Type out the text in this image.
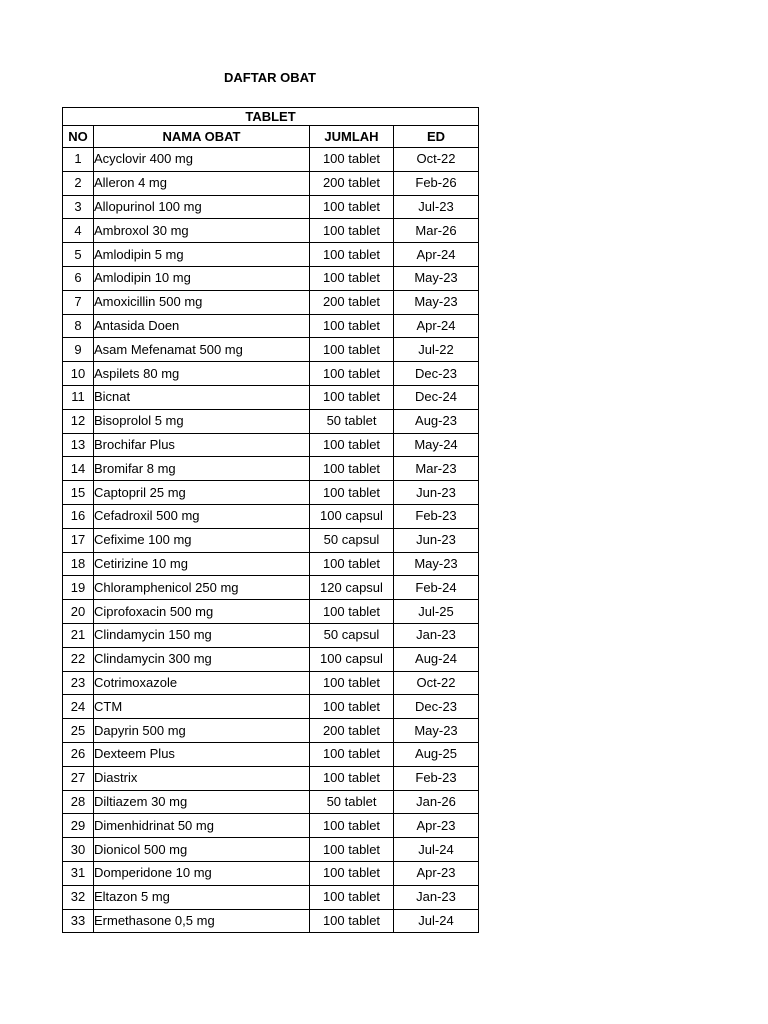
DAFTAR OBAT
TABLET			
NO	NAMA OBAT	JUMLAH	ED
1	Acyclovir 400 mg	100 tablet	Oct-22
2	Alleron 4 mg	200 tablet	Feb-26
3	Allopurinol 100 mg	100 tablet	Jul-23
4	Ambroxol 30 mg	100 tablet	Mar-26
5	Amlodipin 5 mg	100 tablet	Apr-24
6	Amlodipin 10 mg	100 tablet	May-23
7	Amoxicillin 500 mg	200 tablet	May-23
8	Antasida Doen	100 tablet	Apr-24
9	Asam Mefenamat 500 mg	100 tablet	Jul-22
10	Aspilets 80 mg	100 tablet	Dec-23
11	Bicnat	100 tablet	Dec-24
12	Bisoprolol 5 mg	50 tablet	Aug-23
13	Brochifar Plus	100 tablet	May-24
14	Bromifar 8 mg	100 tablet	Mar-23
15	Captopril 25 mg	100 tablet	Jun-23
16	Cefadroxil 500 mg	100 capsul	Feb-23
17	Cefixime 100 mg	50 capsul	Jun-23
18	Cetirizine 10 mg	100 tablet	May-23
19	Chloramphenicol 250 mg	120 capsul	Feb-24
20	Ciprofoxacin 500 mg	100 tablet	Jul-25
21	Clindamycin 150 mg	50 capsul	Jan-23
22	Clindamycin 300 mg	100 capsul	Aug-24
23	Cotrimoxazole	100 tablet	Oct-22
24	CTM	100 tablet	Dec-23
25	Dapyrin 500 mg	200 tablet	May-23
26	Dexteem Plus	100 tablet	Aug-25
27	Diastrix	100 tablet	Feb-23
28	Diltiazem 30 mg	50 tablet	Jan-26
29	Dimenhidrinat 50 mg	100 tablet	Apr-23
30	Dionicol 500 mg	100 tablet	Jul-24
31	Domperidone 10 mg	100 tablet	Apr-23
32	Eltazon 5 mg	100 tablet	Jan-23
33	Ermethasone 0,5 mg	100 tablet	Jul-24
